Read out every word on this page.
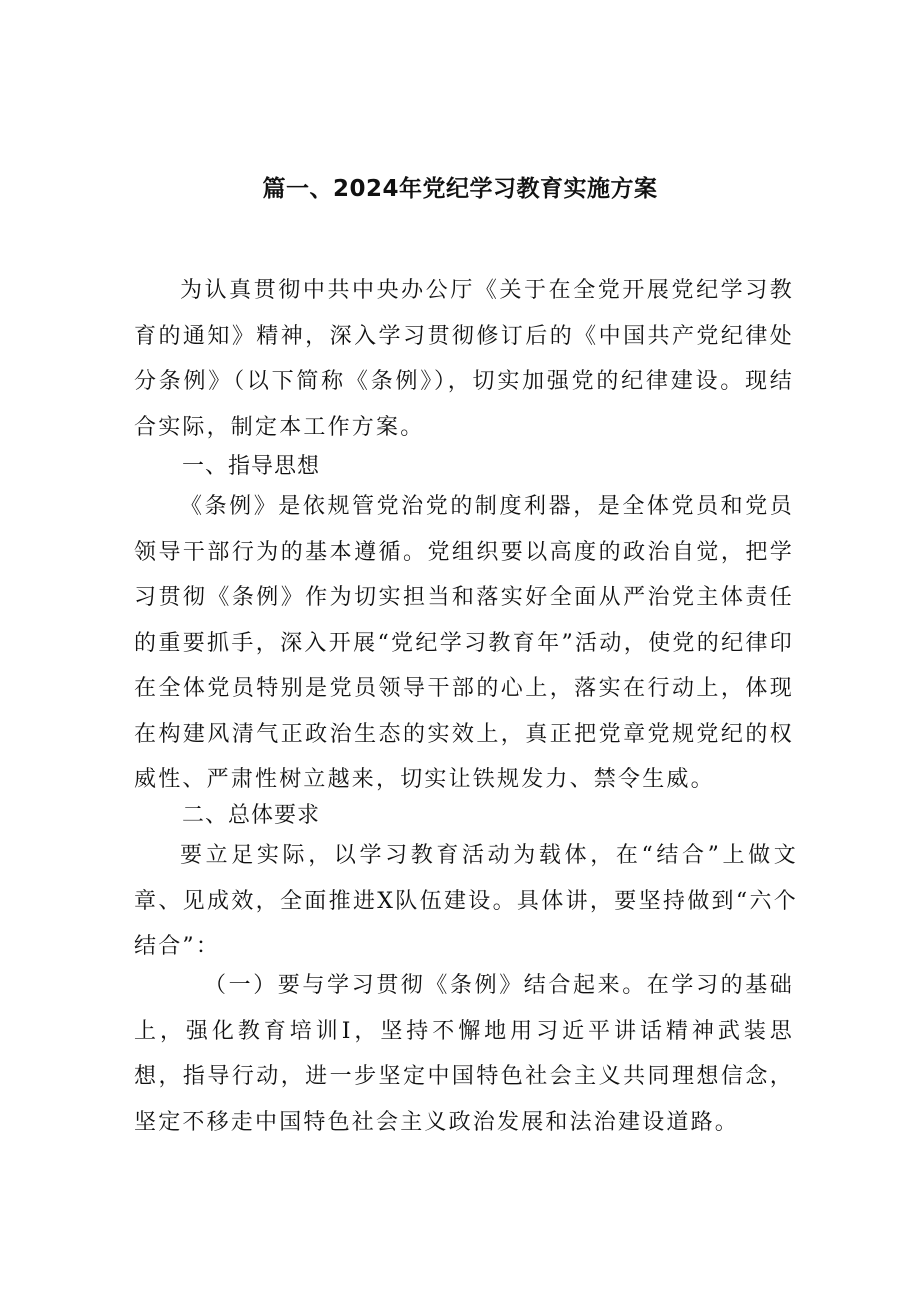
篇一、2024年党纪学习教育实施方案

为认真贯彻中共中央办公厅《关于在全党开展党纪学习教育的通知》精神，深入学习贯彻修订后的《中国共产党纪律处分条例》（以下简称《条例》），切实加强党的纪律建设。现结合实际，制定本工作方案。

一、指导思想

《条例》是依规管党治党的制度利器，是全体党员和党员领导干部行为的基本遵循。党组织要以高度的政治自觉，把学习贯彻《条例》作为切实担当和落实好全面从严治党主体责任的重要抓手，深入开展“党纪学习教育年”活动，使党的纪律印在全体党员特别是党员领导干部的心上，落实在行动上，体现在构建风清气正政治生态的实效上，真正把党章党规党纪的权威性、严肃性树立越来，切实让铁规发力、禁令生威。

二、总体要求

要立足实际，以学习教育活动为载体，在“结合”上做文章、见成效，全面推进X队伍建设。具体讲，要坚持做到“六个结合”：

（一）要与学习贯彻《条例》结合起来。在学习的基础上，强化教育培训I，坚持不懈地用习近平讲话精神武装思想，指导行动，进一步坚定中国特色社会主义共同理想信念，坚定不移走中国特色社会主义政治发展和法治建设道路。
